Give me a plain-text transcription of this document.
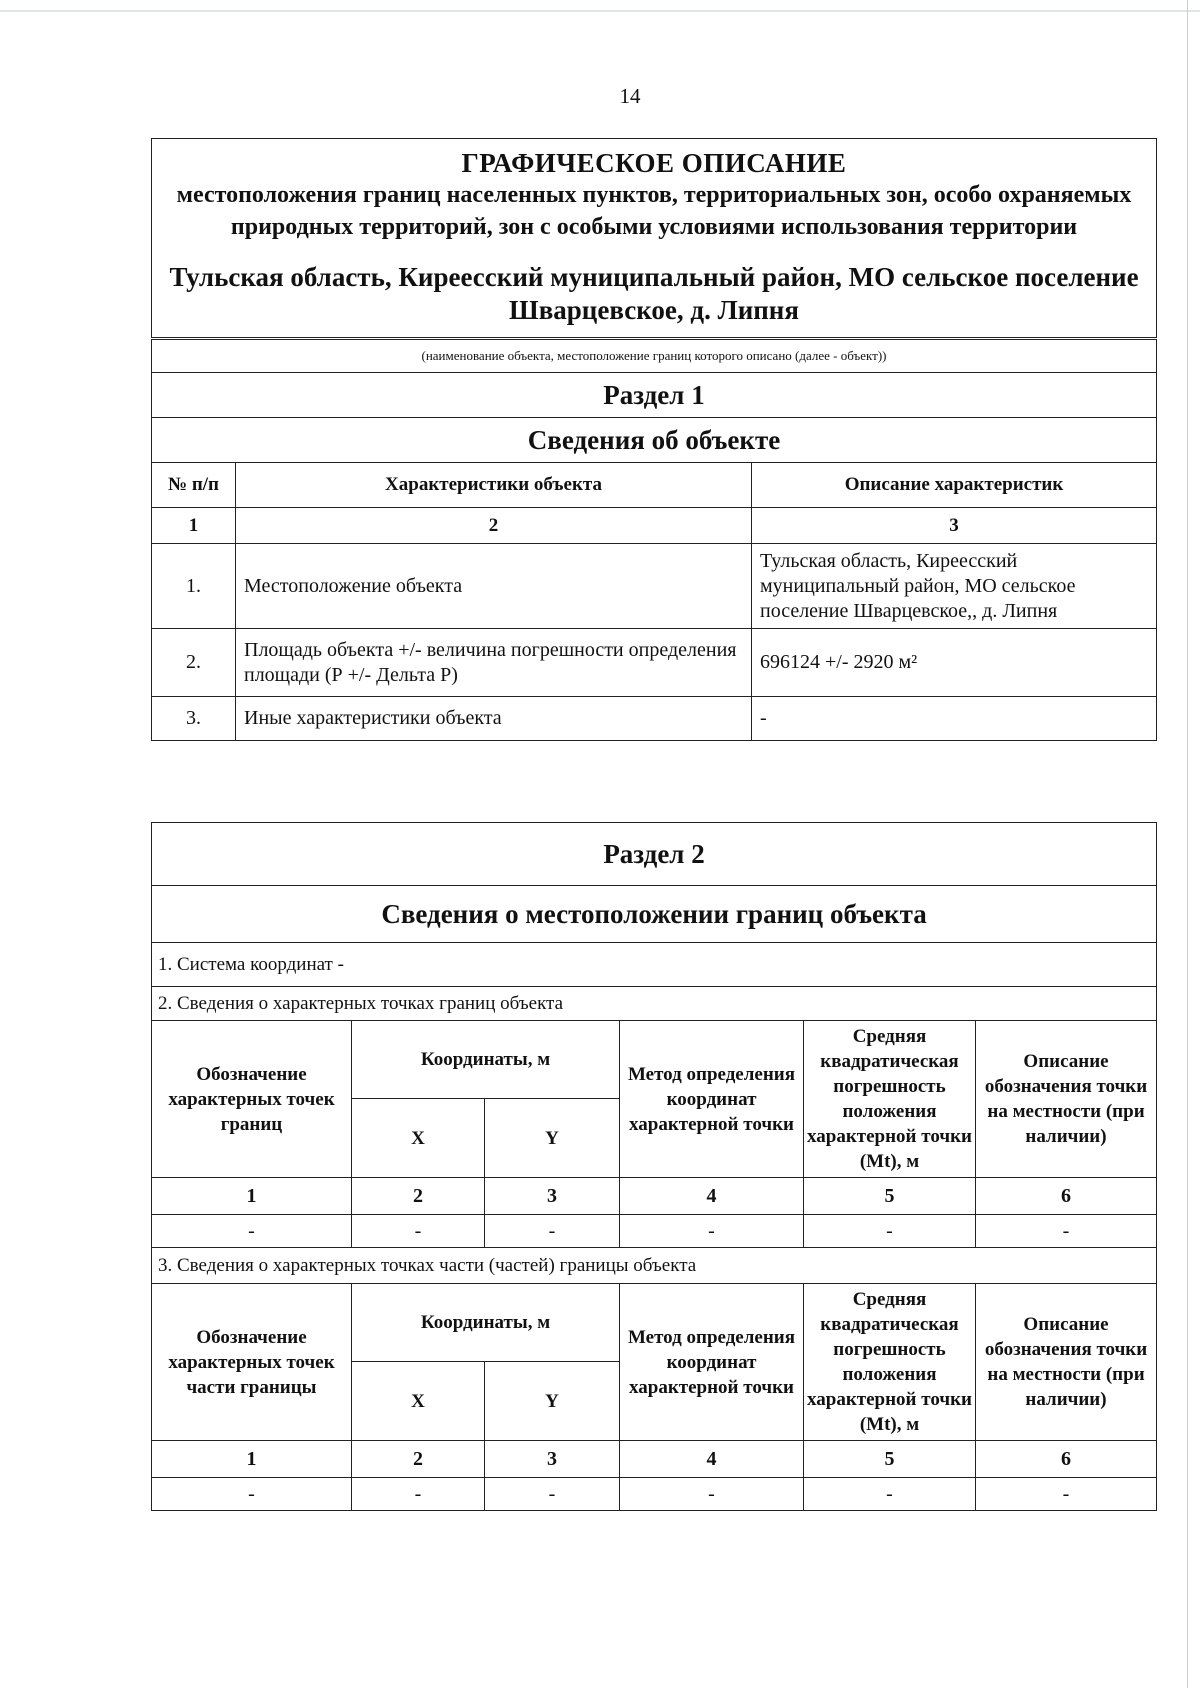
14
ГРАФИЧЕСКОЕ ОПИСАНИЕ
местоположения границ населенных пунктов, территориальных зон, особо охраняемых природных территорий, зон с особыми условиями использования территории
Тульская область, Киреесский муниципальный район, МО сельское поселение
Шварцевское, д. Липня		

(наименование объекта, местоположение границ которого описано (далее - объект))		
Раздел 1		
Сведения об объекте		
№ п/п	Характеристики объекта	Описание характеристик
1	2	3
1.	Местоположение объекта	Тульская область, Киреесский муниципальный район, МО сельское поселение Шварцевское,, д. Липня
2.	Площадь объекта +/- величина погрешности определения площади (Р +/- Дельта Р)	696124 +/- 2920 м²
3.	Иные характеристики объекта	-
Раздел 2					
Сведения о местоположении границ объекта					
1. Система координат -					
2. Сведения о характерных точках границ объекта					
Обозначение характерных точек границ	Координаты, м		Метод определения координат характерной точки	Средняя квадратическая погрешность положения характерной точки (Mt), м	Описание обозначения точки на местности (при наличии)
	X	Y			
1	2	3	4	5	6
-	-	-	-	-	-
3. Сведения о характерных точках части (частей) границы объекта					
Обозначение характерных точек части границы	Координаты, м		Метод определения координат характерной точки	Средняя квадратическая погрешность положения характерной точки (Mt), м	Описание обозначения точки на местности (при наличии)
	X	Y			
1	2	3	4	5	6
-	-	-	-	-	-
